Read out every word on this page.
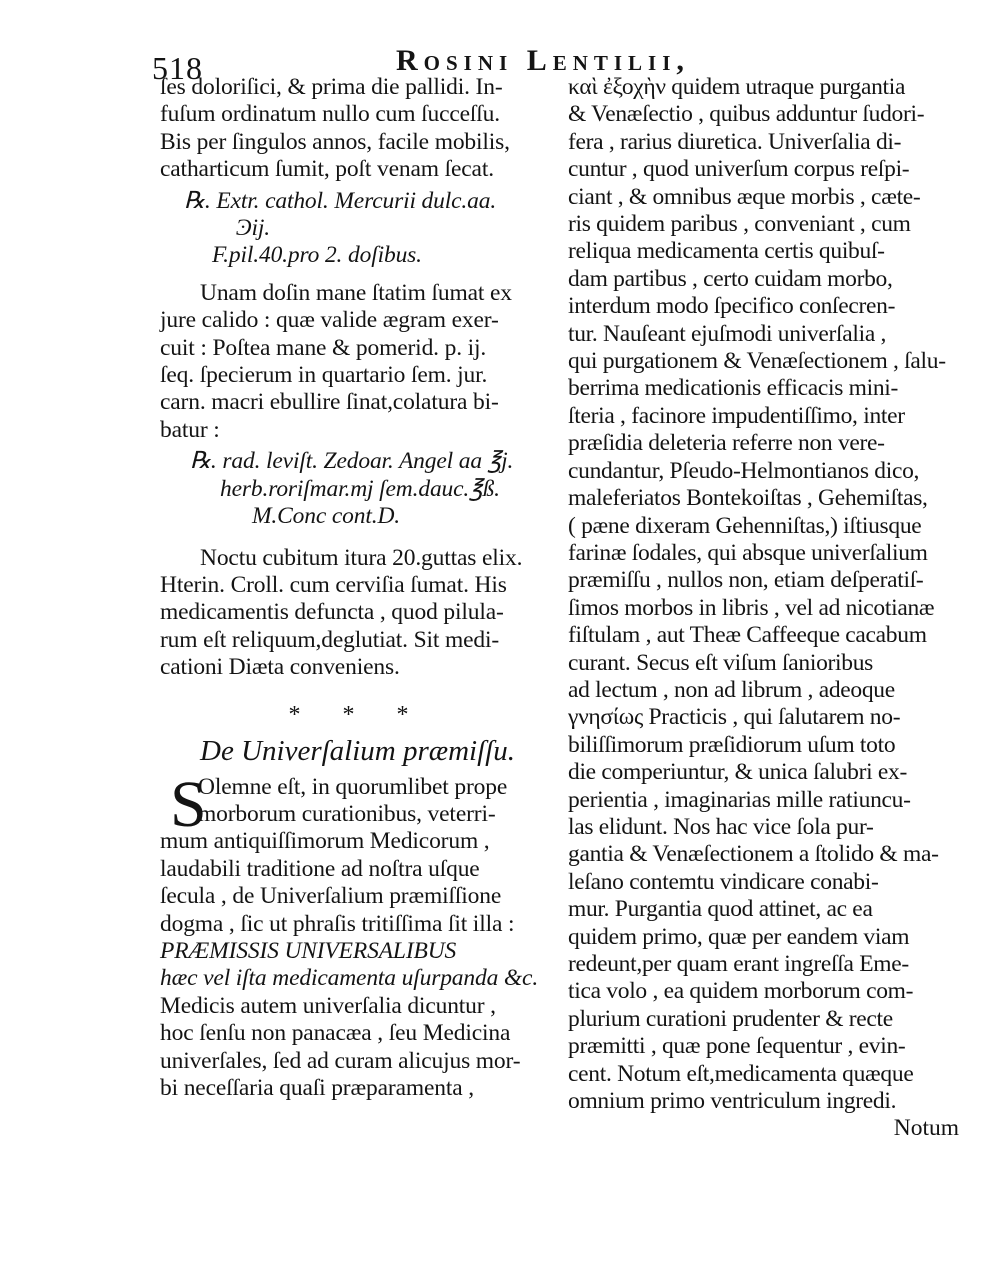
518	Rosini Lentilii,

ſes doloriſici, & prima die pallidi. In-
fuſum ordinatum nullo cum ſucceſſu.
Bis per ſingulos annos, facile mobilis,
catharticum ſumit, poſt venam ſecat.

℞. Extr. cathol. Mercurii dulc.aa.
Ͽij.
F.pil.40.pro 2. doſibus.

Unam doſin mane ſtatim ſumat ex
jure calido : quæ valide ægram exer-
cuit : Poſtea mane & pomerid. p. ij.
ſeq. ſpecierum in quartario ſem. jur.
carn. macri ebullire ſinat,colatura bi-
batur :

℞. rad. leviſt. Zedoar. Angel aa ℥j.
herb.roriſmar.mj ſem.dauc.℥ß.
M.Conc cont.D.

Noctu cubitum itura 20.guttas elix.
Hterin. Croll. cum cerviſia ſumat. His
medicamentis defuncta , quod pilula-
rum eſt reliquum,deglutiat. Sit medi-
cationi Diæta conveniens.

* * *
De Univerſalium præmiſſu.
S
Olemne eſt, in quorumlibet prope
morborum curationibus, veterri-
mum antiquiſſimorum Medicorum ,
laudabili traditione ad noſtra uſque
ſecula , de Univerſalium præmiſſione
dogma , ſic ut phraſis tritiſſima ſit illa :
PRÆMISSIS UNIVERSALIBUS
hæc vel iſta medicamenta uſurpanda &c.
Medicis autem univerſalia dicuntur ,
hoc ſenſu non panacæa , ſeu Medicina
univerſales, ſed ad curam alicujus mor-
bi neceſſaria quaſi præparamenta ,

καὶ ἐξοχὴν quidem utraque purgantia
& Venæſectio , quibus adduntur ſudori-
fera , rarius diuretica. Univerſalia di-
cuntur , quod univerſum corpus reſpi-
ciant , & omnibus æque morbis , cæte-
ris quidem paribus , conveniant , cum
reliqua medicamenta certis quibuſ-
dam partibus , certo cuidam morbo,
interdum modo ſpecifico conſecren-
tur. Nauſeant ejuſmodi univerſalia ,
qui purgationem & Venæſectionem , ſalu-
berrima medicationis efficacis mini-
ſteria , facinore impudentiſſimo, inter
præſidia deleteria referre non vere-
cundantur, Pſeudo-Helmontianos dico,
maleferiatos Bontekoiſtas , Gehemiſtas,
( pæne dixeram Gehenniſtas,) iſtiusque
farinæ ſodales, qui absque univerſalium
præmiſſu , nullos non, etiam deſperatiſ-
ſimos morbos in libris , vel ad nicotianæ
fiſtulam , aut Theæ Caffeeque cacabum
curant. Secus eſt viſum ſanioribus
ad lectum , non ad librum , adeoque
γνησίως Practicis , qui ſalutarem no-
biliſſimorum præſidiorum uſum toto
die comperiuntur, & unica ſalubri ex-
perientia , imaginarias mille ratiuncu-
las elidunt. Nos hac vice ſola pur-
gantia & Venæſectionem a ſtolido & ma-
leſano contemtu vindicare conabi-
mur. Purgantia quod attinet, ac ea
quidem primo, quæ per eandem viam
redeunt,per quam erant ingreſſa Eme-
tica volo , ea quidem morborum com-
plurium curationi prudenter & recte
præmitti , quæ pone ſequentur , evin-
cent. Notum eſt,medicamenta quæque
omnium primo ventriculum ingredi.

Notum
